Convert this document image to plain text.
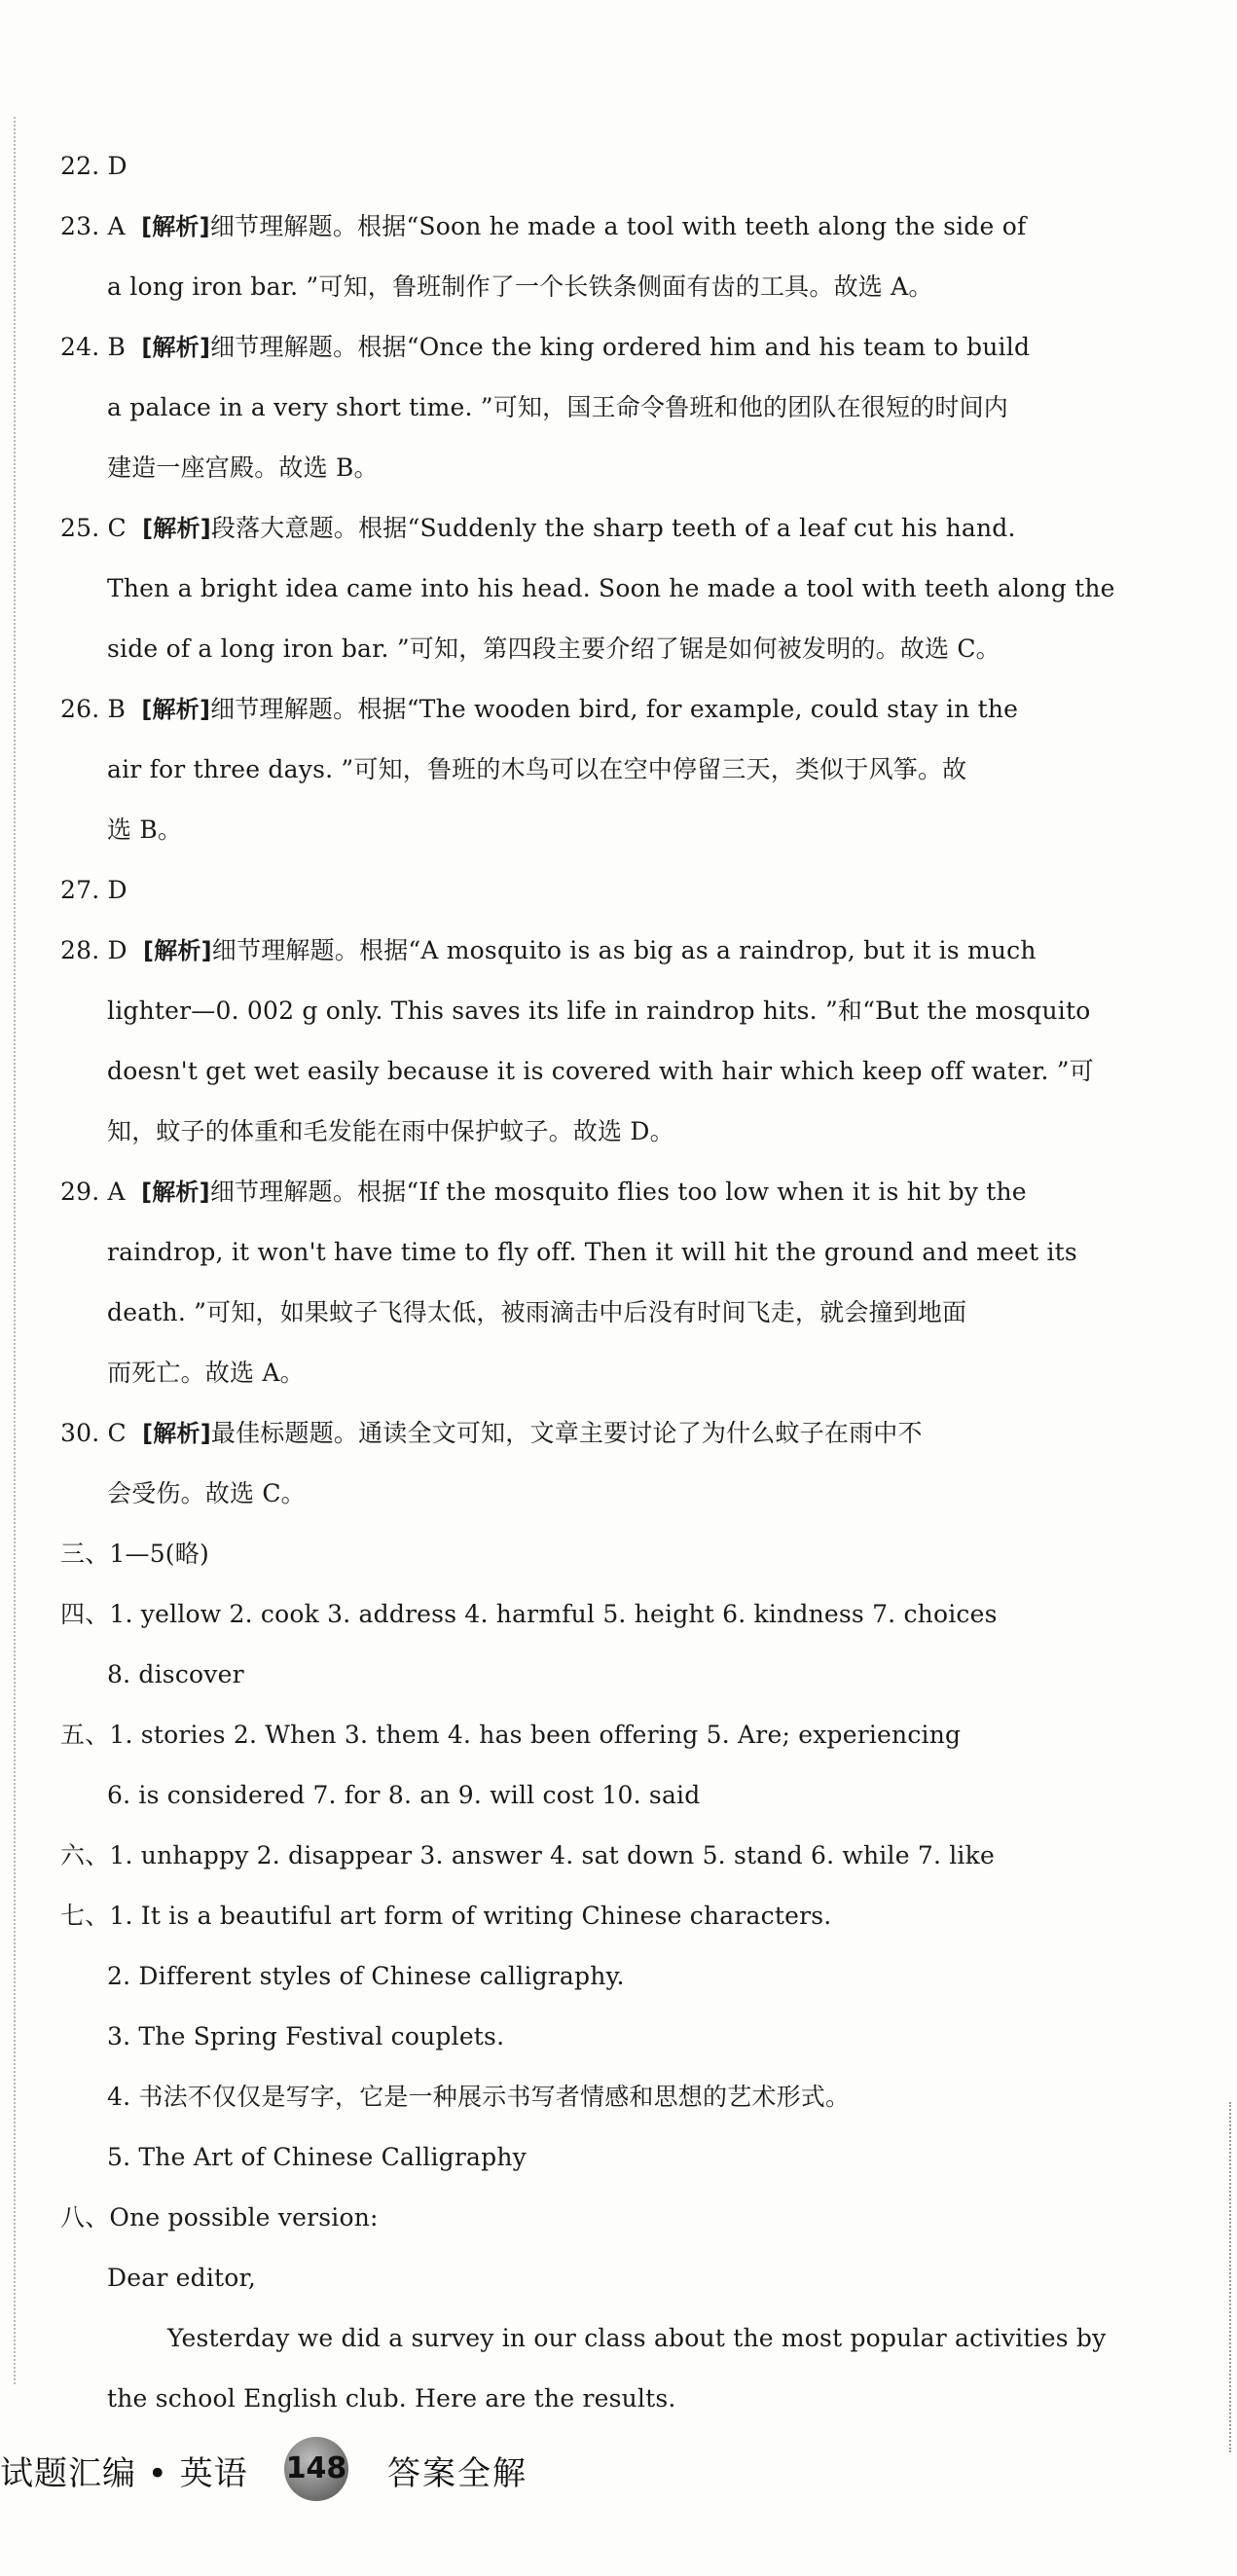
22. D
23. A [解析]细节理解题。根据“Soon he made a tool with teeth along the side of
a long iron bar. ”可知，鲁班制作了一个长铁条侧面有齿的工具。故选 A。
24. B [解析]细节理解题。根据“Once the king ordered him and his team to build
a palace in a very short time. ”可知，国王命令鲁班和他的团队在很短的时间内
建造一座宫殿。故选 B。
25. C [解析]段落大意题。根据“Suddenly the sharp teeth of a leaf cut his hand.
Then a bright idea came into his head. Soon he made a tool with teeth along the
side of a long iron bar. ”可知，第四段主要介绍了锯是如何被发明的。故选 C。
26. B [解析]细节理解题。根据“The wooden bird, for example, could stay in the
air for three days. ”可知，鲁班的木鸟可以在空中停留三天，类似于风筝。故
选 B。
27. D
28. D [解析]细节理解题。根据“A mosquito is as big as a raindrop, but it is much
lighter—0. 002 g only. This saves its life in raindrop hits. ”和“But the mosquito
doesn't get wet easily because it is covered with hair which keep off water. ”可
知，蚊子的体重和毛发能在雨中保护蚊子。故选 D。
29. A [解析]细节理解题。根据“If the mosquito flies too low when it is hit by the
raindrop, it won't have time to fly off. Then it will hit the ground and meet its
death. ”可知，如果蚊子飞得太低，被雨滴击中后没有时间飞走，就会撞到地面
而死亡。故选 A。
30. C [解析]最佳标题题。通读全文可知，文章主要讨论了为什么蚊子在雨中不
会受伤。故选 C。
三、1—5(略)
四、1. yellow 2. cook 3. address 4. harmful 5. height 6. kindness 7. choices
8. discover
五、1. stories 2. When 3. them 4. has been offering 5. Are; experiencing
6. is considered 7. for 8. an 9. will cost 10. said
六、1. unhappy 2. disappear 3. answer 4. sat down 5. stand 6. while 7. like
七、1. It is a beautiful art form of writing Chinese characters.
2. Different styles of Chinese calligraphy.
3. The Spring Festival couplets.
4. 书法不仅仅是写字，它是一种展示书写者情感和思想的艺术形式。
5. The Art of Chinese Calligraphy
八、One possible version:
Dear editor,
Yesterday we did a survey in our class about the most popular activities by
the school English club. Here are the results.
试题汇编 • 英语 148 答案全解
